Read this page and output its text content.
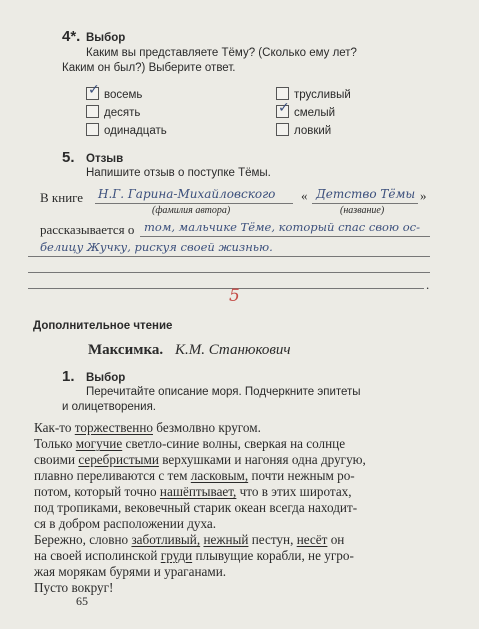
4*. Выбор
Каким вы представляете Тёму? (Сколько ему лет?
Каким он был?) Выберите ответ.
✓ восемь
десять
одинадцать
трусливый
✓ смелый
ловкий
5. Отзыв
Напишите отзыв о поступке Тёмы.
В книге Н.Г. Гарина-Михайловского « Детство Тёмы »
(фамилия автора)	(название)
рассказывается о том, мальчике Тёме, который спас свою ос-
белицу Жучку, рискуя своей жизнью.
.
5
Дополнительное чтение
Максимка. К.М. Станюкович
1. Выбор
Перечитайте описание моря. Подчеркните эпитеты
и олицетворения.
Как-то торжественно безмолвно кругом.
Только могучие светло-синие волны, сверкая на солнце
своими серебристыми верхушками и нагоняя одна другую,
плавно переливаются с тем ласковым, почти нежным ро-
потом, который точно нашёптывает, что в этих широтах,
под тропиками, вековечный старик океан всегда находит-
ся в добром расположении духа.
Бережно, словно заботливый, нежный пестун, несёт он
на своей исполинской груди плывущие корабли, не угро-
жая морякам бурями и ураганами.
Пусто вокруг!
65
